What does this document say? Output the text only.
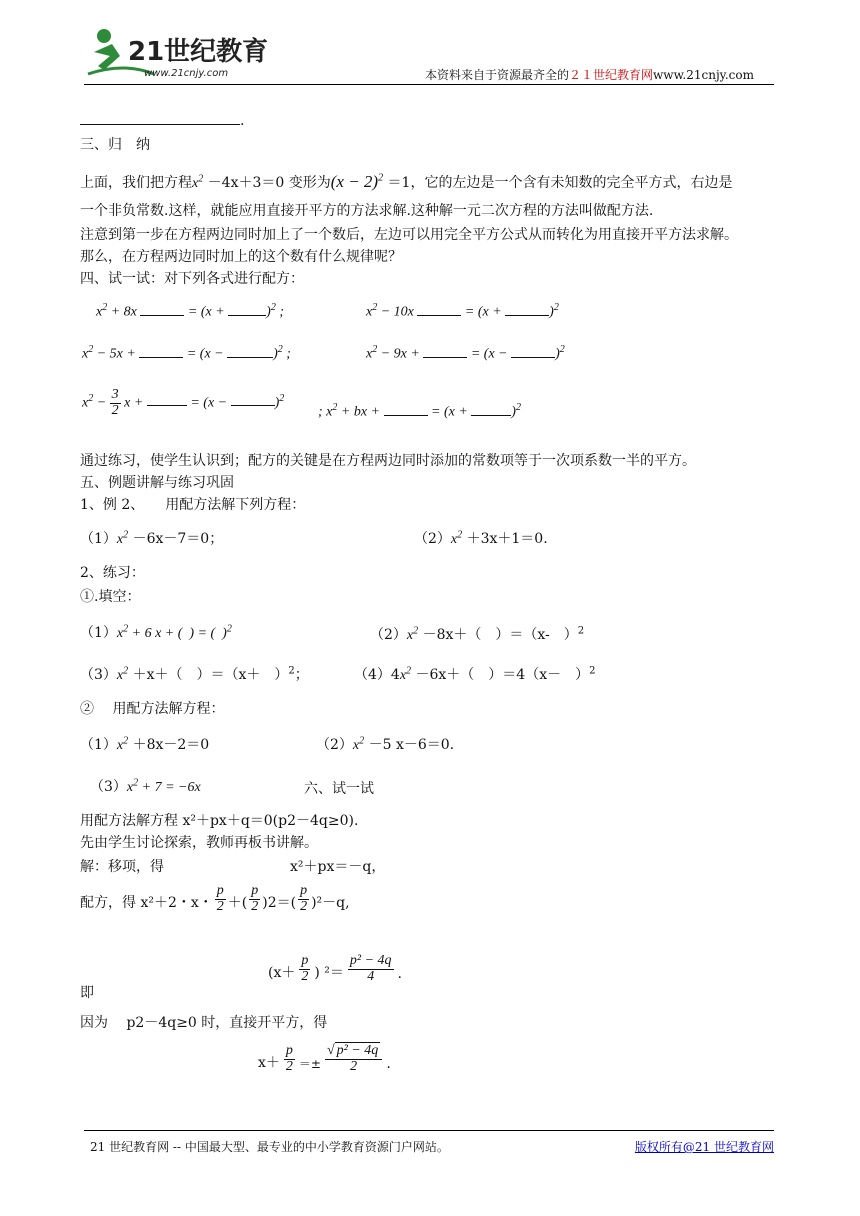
21世纪教育
www.21cnjy.com	本资料来自于资源最齐全的２１世纪教育网www.21cnjy.com
.
三、归　纳
上面，我们把方程$x^2 -4x+3=0$ 变形为$(x - 2)^2 =1$，它的左边是一个含有未知数的完全平方式，右边是
一个非负常数.这样，就能应用直接开平方的方法求解.这种解一元二次方程的方法叫做配方法.
注意到第一步在方程两边同时加上了一个数后，左边可以用完全平方公式从而转化为用直接开平方法求解。
那么，在方程两边同时加上的这个数有什么规律呢？
四、试一试：对下列各式进行配方：
$x^2 + 8x$	= (x +	)$^2$ ;	$x^2 - 10x$	= (x +	)$^2$
$x^2 - 5x$ +	= (x −	)$^2$ ;	$x^2 - 9x$ +	= (x −	)$^2$
$x^2 - \frac{3}{2}$ x +	= (x −	)$^2$
; $x^2$ + bx +	= (x +	)$^2$
通过练习，使学生认识到；配方的关键是在方程两边同时添加的常数项等于一次项系数一半的平方。
五、例题讲解与练习巩固
1、例 2、　　用配方法解下列方程：
$(1)x^2 -6x-7=0$；	$(2)x^2 +3x+1=0$.
2、练习：
①.填空：
$(1)x^2 + 6$ x + (  ) = (  )$^2$	$(2)x^2 -8x+$（　）＝（x-　）$^2$
$(3)x^2 +x+$（　）＝（x＋　）$^2$；	$(4)4x^2 -6x+$（　）＝4（x－　）$^2$
②　 用配方法解方程：
$(1)x^2 +8x-2=0$	$(2)x^2 -5$ x－6＝0.
$(3)x^2 + 7 = -6x$	六、试一试
用配方法解方程 x²＋px＋q＝0(p2－4q≥0).
先由学生讨论探索，教师再板书讲解。
解：移项，得	x²＋px＝－q，
配方，得 x²＋2・x・ $\frac{p}{2}$ ＋( $\frac{p}{2} )2=( \frac{p}{2} )^2-q$,
即
($x+ \frac{p}{2}$ ) $^2= \frac{\text{p² − 4q}}{4}$ .
因为　 p2－4q≥0 时，直接开平方，得
$x+ \frac{p}{2} =\pm \frac{\text{√ p² − 4q}}{2}$ .
21 世纪教育网 -- 中国最大型、最专业的中小学教育资源门户网站。	版权所有@21 世纪教育网
